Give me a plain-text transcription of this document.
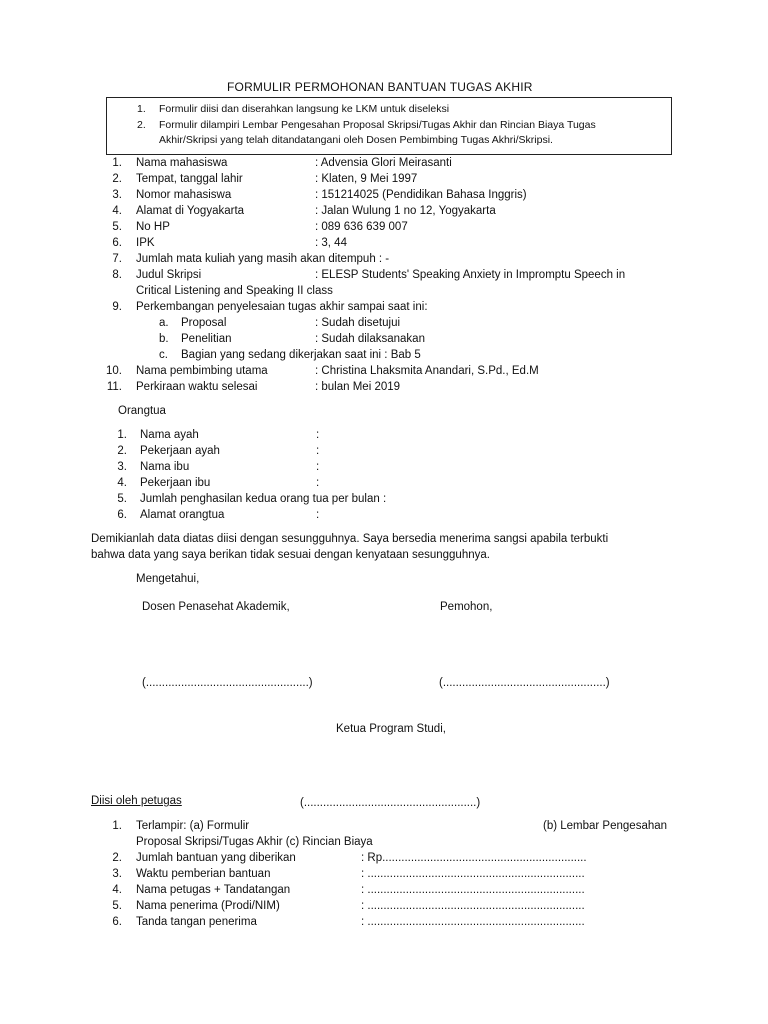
FORMULIR PERMOHONAN BANTUAN TUGAS AKHIR
1. Formulir diisi dan diserahkan langsung ke LKM untuk diseleksi
2. Formulir dilampiri Lembar Pengesahan Proposal Skripsi/Tugas Akhir dan Rincian Biaya Tugas
Akhir/Skripsi yang telah ditandatangani oleh Dosen Pembimbing Tugas Akhri/Skripsi.
1. Nama mahasiswa	: Advensia Glori Meirasanti
2. Tempat, tanggal lahir	: Klaten, 9 Mei 1997
3. Nomor mahasiswa	: 151214025 (Pendidikan Bahasa Inggris)
4. Alamat di Yogyakarta	: Jalan Wulung 1 no 12, Yogyakarta
5. No HP	: 089 636 639 007
6. IPK	: 3, 44
7. Jumlah mata kuliah yang masih akan ditempuh : -
8. Judul Skripsi	: ELESP Students' Speaking Anxiety in Impromptu Speech in
Critical Listening and Speaking II class
9. Perkembangan penyelesaian tugas akhir sampai saat ini:
a. Proposal	: Sudah disetujui
b. Penelitian	: Sudah dilaksanakan
c. Bagian yang sedang dikerjakan saat ini : Bab 5
10. Nama pembimbing utama	: Christina Lhaksmita Anandari, S.Pd., Ed.M
11. Perkiraan waktu selesai	: bulan Mei 2019
Orangtua
1. Nama ayah	:
2. Pekerjaan ayah	:
3. Nama ibu	:
4. Pekerjaan ibu	:
5. Jumlah penghasilan kedua orang tua per bulan :
6. Alamat orangtua	:
Demikianlah data diatas diisi dengan sesungguhnya. Saya bersedia menerima sangsi apabila terbukti
bahwa data yang saya berikan tidak sesuai dengan kenyataan sesungguhnya.
Mengetahui,
Dosen Penasehat Akademik,	Pemohon,
(...................................................)	(...................................................)
Ketua Program Studi,
Diisi oleh petugas	(......................................................)
1. Terlampir: (a) Formulir	(b) Lembar Pengesahan
Proposal Skripsi/Tugas Akhir (c) Rincian Biaya
2. Jumlah bantuan yang diberikan	: Rp................................................................
3. Waktu pemberian bantuan	: ....................................................................
4. Nama petugas + Tandatangan	: ....................................................................
5. Nama penerima (Prodi/NIM)	: ....................................................................
6. Tanda tangan penerima	: ....................................................................
